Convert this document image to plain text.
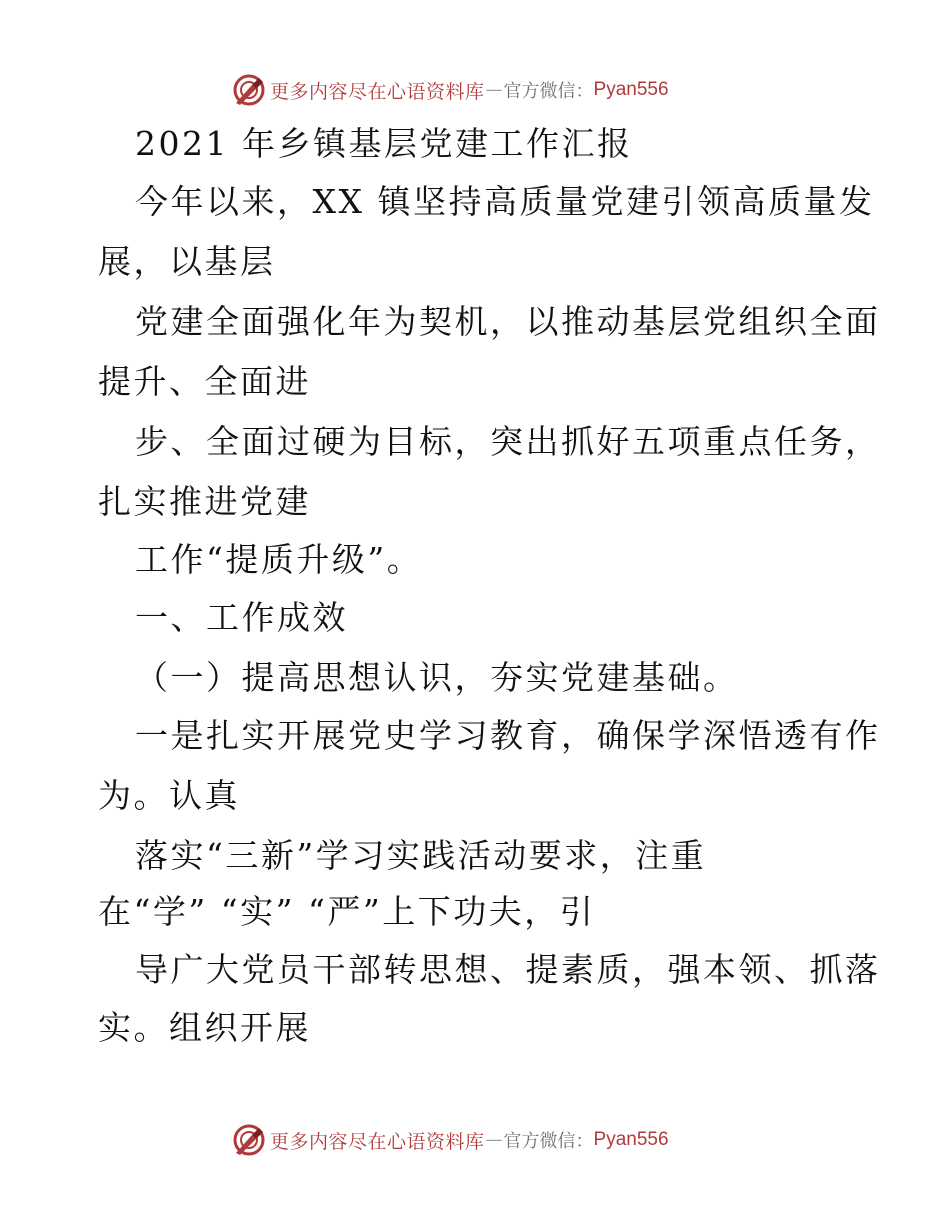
更多内容尽在心语资料库 — 官方微信： Pyan556
2021 年乡镇基层党建工作汇报
今年以来，XX 镇坚持高质量党建引领高质量发
展，以基层
党建全面强化年为契机，以推动基层党组织全面
提升、全面进
步、全面过硬为目标，突出抓好五项重点任务，
扎实推进党建
工作“提质升级”。
一、工作成效
（一）提高思想认识，夯实党建基础。
一是扎实开展党史学习教育，确保学深悟透有作
为。认真
落实“三新”学习实践活动要求，注重
在“学” “实” “严”上下功夫，引
导广大党员干部转思想、提素质，强本领、抓落
实。组织开展
更多内容尽在心语资料库 — 官方微信： Pyan556
